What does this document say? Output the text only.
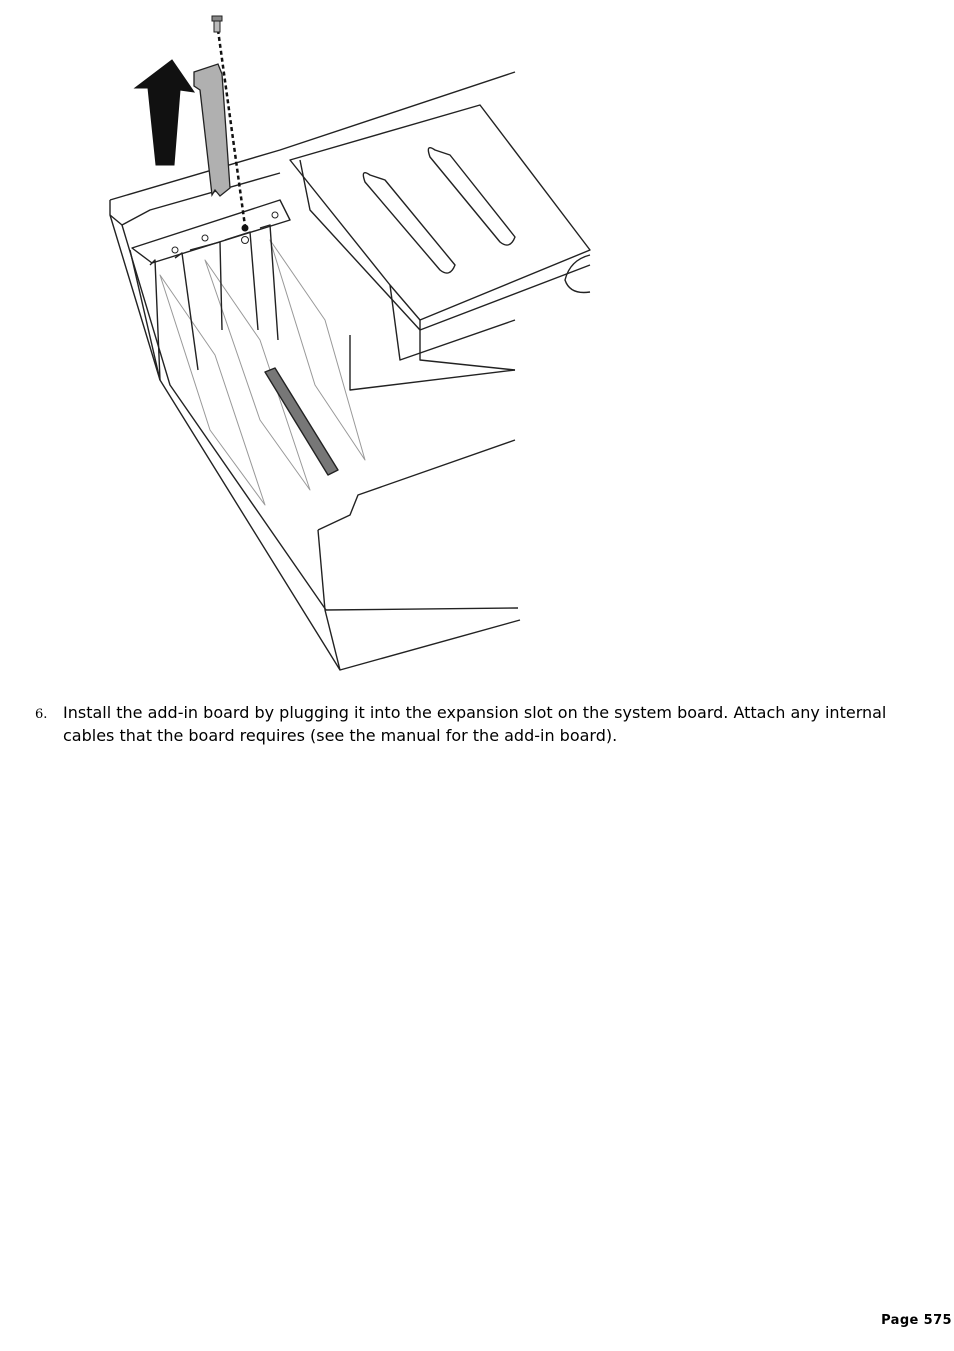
6. Install the add-in board by plugging it into the expansion slot on the system board. Attach any internal cables that the board requires (see the manual for the add-in board).
Page 575
